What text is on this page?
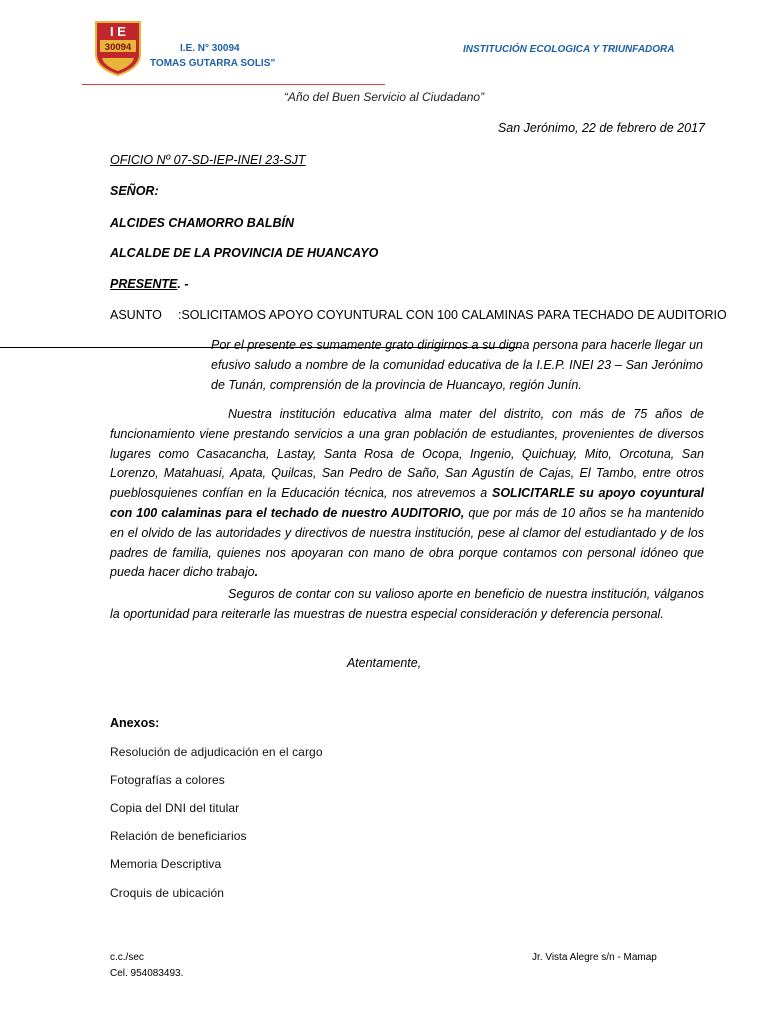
I E
30094	I.E. N° 30094
TOMAS GUTARRA SOLIS”
INSTITUCIÓN ECOLOGICA Y TRIUNFADORA
“Año del Buen Servicio al Ciudadano”
San Jerónimo, 22 de febrero de 2017
OFICIO Nº 07-SD-IEP-INEI 23-SJT
SEÑOR:
ALCIDES CHAMORRO BALBÍN
ALCALDE DE LA PROVINCIA DE HUANCAYO
PRESENTE. -
ASUNTO :SOLICITAMOS APOYO COYUNTURAL CON 100 CALAMINAS PARA TECHADO DE AUDITORIO
Por el presente es sumamente grato dirigirnos a su digna persona para hacerle llegar un efusivo saludo a nombre de la comunidad educativa de la I.E.P. INEI 23 – San Jerónimo de Tunán, comprensión de la provincia de Huancayo, región Junín.
Nuestra institución educativa alma mater del distrito, con más de 75 años de funcionamiento viene prestando servicios a una gran población de estudiantes, provenientes de diversos lugares como Casacancha, Lastay, Santa Rosa de Ocopa, Ingenio, Quichuay, Mito, Orcotuna, San Lorenzo, Matahuasi, Apata, Quilcas, San Pedro de Saño, San Agustín de Cajas, El Tambo, entre otros pueblosquienes confían en la Educación técnica, nos atrevemos a SOLICITARLE su apoyo coyuntural con 100 calaminas para el techado de nuestro AUDITORIO, que por más de 10 años se ha mantenido en el olvido de las autoridades y directivos de nuestra institución, pese al clamor del estudiantado y de los padres de familia, quienes nos apoyaran con mano de obra porque contamos con personal idóneo que pueda hacer dicho trabajo.
Seguros de contar con su valioso aporte en beneficio de nuestra institución, válganos la oportunidad para reiterarle las muestras de nuestra especial consideración y deferencia personal.
Atentamente,
Anexos:
Resolución de adjudicación en el cargo
Fotografías a colores
Copia del DNI del titular
Relación de beneficiarios
Memoria Descriptiva
Croquis de ubicación
c.c./sec
Cel. 954083493.
Jr. Vista Alegre s/n - Mamap
